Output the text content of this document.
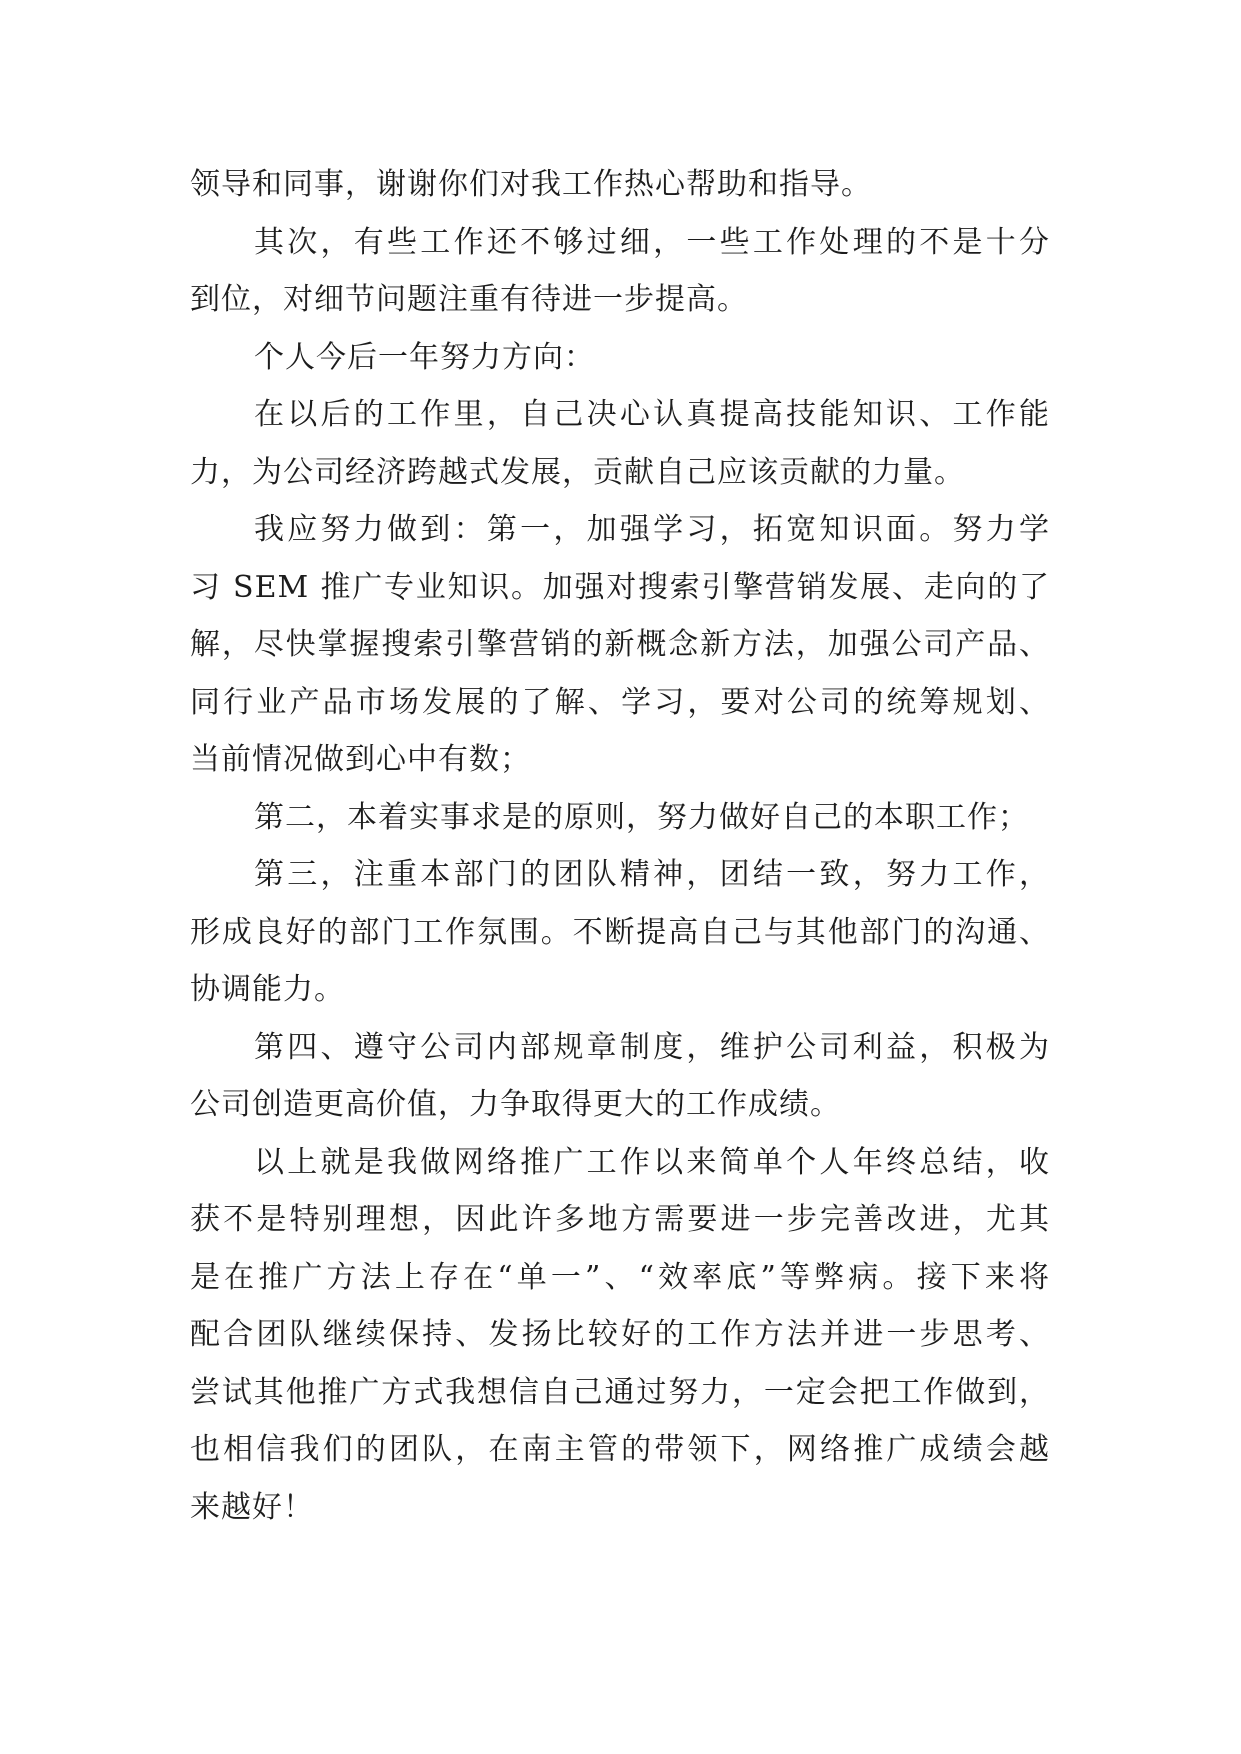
领导和同事，谢谢你们对我工作热心帮助和指导。
其次，有些工作还不够过细，一些工作处理的不是十分
到位，对细节问题注重有待进一步提高。
个人今后一年努力方向：
在以后的工作里，自己决心认真提高技能知识、工作能
力，为公司经济跨越式发展，贡献自己应该贡献的力量。
我应努力做到：第一，加强学习，拓宽知识面。努力学
习 SEM 推广专业知识。加强对搜索引擎营销发展、走向的了
解，尽快掌握搜索引擎营销的新概念新方法，加强公司产品、
同行业产品市场发展的了解、学习，要对公司的统筹规划、
当前情况做到心中有数；
第二，本着实事求是的原则，努力做好自己的本职工作；
第三，注重本部门的团队精神，团结一致，努力工作，
形成良好的部门工作氛围。不断提高自己与其他部门的沟通、
协调能力。
第四、遵守公司内部规章制度，维护公司利益，积极为
公司创造更高价值，力争取得更大的工作成绩。
以上就是我做网络推广工作以来简单个人年终总结，收
获不是特别理想，因此许多地方需要进一步完善改进，尤其
是在推广方法上存在“单一”、“效率底”等弊病。接下来将
配合团队继续保持、发扬比较好的工作方法并进一步思考、
尝试其他推广方式我想信自己通过努力，一定会把工作做到，
也相信我们的团队，在南主管的带领下，网络推广成绩会越
来越好！
